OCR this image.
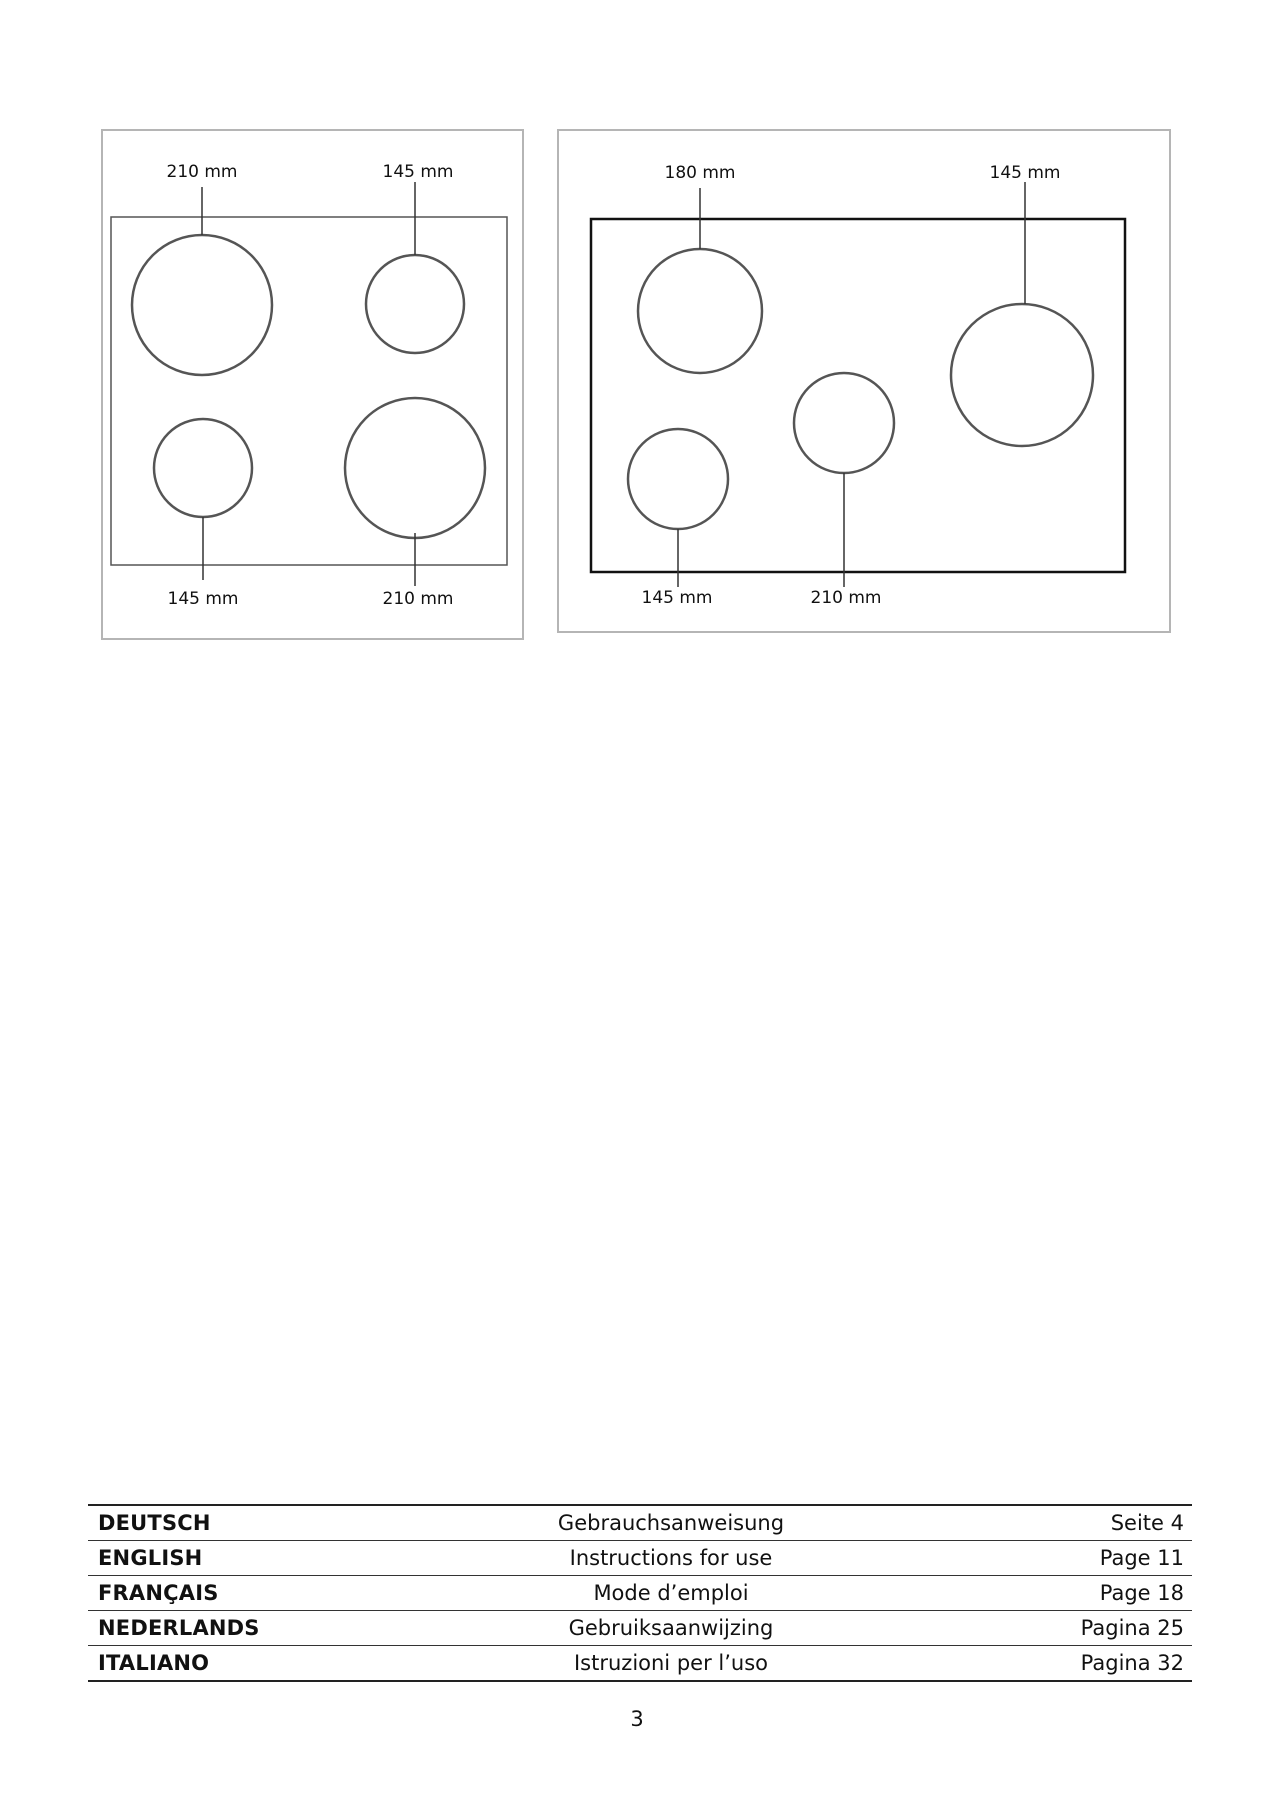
210 mm	145 mm
145 mm	210 mm
180 mm	145 mm
145 mm	210 mm
DEUTSCH	Gebrauchsanweisung	Seite 4
ENGLISH	Instructions for use	Page 11
FRANÇAIS	Mode d’emploi	Page 18
NEDERLANDS	Gebruiksaanwijzing	Pagina 25
ITALIANO	Istruzioni per l’uso	Pagina 32
3
